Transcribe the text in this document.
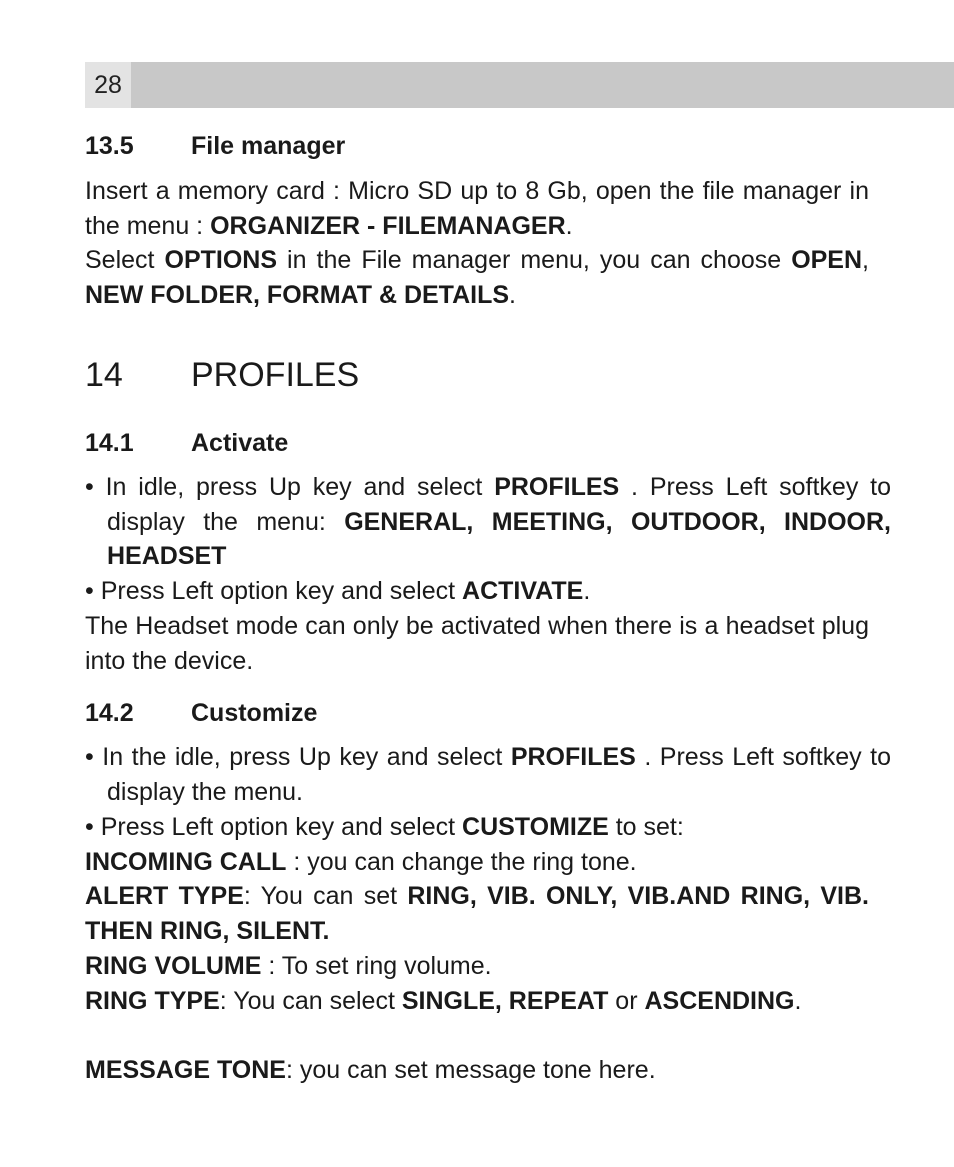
28
13.5 File manager

Insert a memory card : Micro SD up to 8 Gb, open the file manager in the menu : ORGANIZER - FILEMANAGER.

Select OPTIONS in the File manager menu, you can choose OPEN, NEW FOLDER, FORMAT & DETAILS.

14 PROFILES
14.1 Activate

• In idle, press Up key and select PROFILES . Press Left softkey to display the menu: GENERAL, MEETING, OUTDOOR, INDOOR, HEADSET

• Press Left option key and select ACTIVATE.

The Headset mode can only be activated when there is a headset plug into the device.

14.2 Customize

• In the idle, press Up key and select PROFILES . Press Left softkey to display the menu.

• Press Left option key and select CUSTOMIZE to set:

INCOMING CALL : you can change the ring tone.

ALERT TYPE: You can set RING, VIB. ONLY, VIB.AND RING, VIB. THEN RING, SILENT.

RING VOLUME : To set ring volume.

RING TYPE: You can select SINGLE, REPEAT or ASCENDING.

MESSAGE TONE: you can set message tone here.
